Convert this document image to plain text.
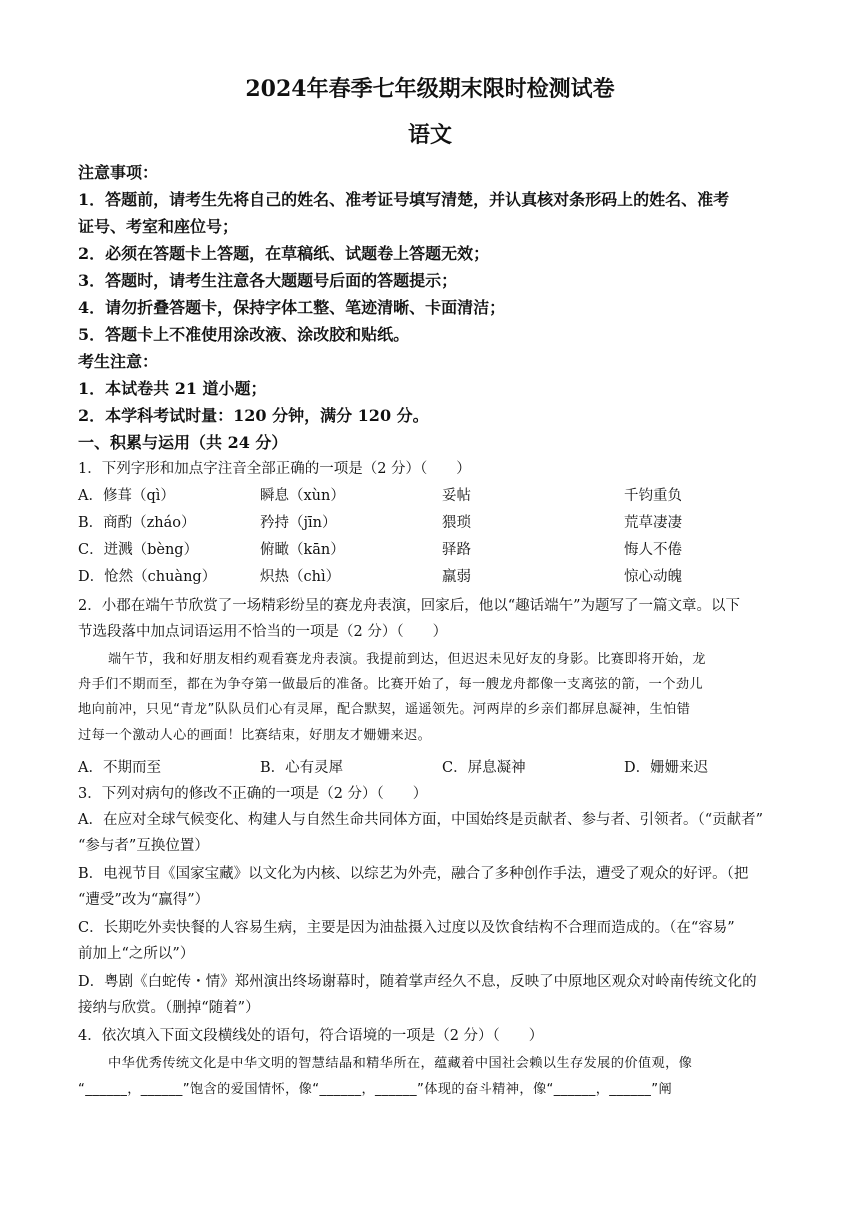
2024年春季七年级期末限时检测试卷
语文
注意事项：
1．答题前，请考生先将自己的姓名、准考证号填写清楚，并认真核对条形码上的姓名、准考
证号、考室和座位号；
2．必须在答题卡上答题，在草稿纸、试题卷上答题无效；
3．答题时，请考生注意各大题题号后面的答题提示；
4．请勿折叠答题卡，保持字体工整、笔迹清晰、卡面清洁；
5．答题卡上不准使用涂改液、涂改胶和贴纸。
考生注意：
1．本试卷共 21 道小题；
2．本学科考试时量：120 分钟，满分 120 分。
一、积累与运用（共 24 分）
1．下列字形和加点字注音全部正确的一项是（2 分）（　　）
A．修葺（qì）	瞬息（xùn）	妥帖	千钧重负
B．商酌（zháo）	矜持（jīn）	猥琐	荒草凄凄
C．迸溅（bèng）	俯瞰（kān）	驿路	悔人不倦
D．怆然（chuàng）	炽热（chì）	羸弱	惊心动魄
2．小郡在端午节欣赏了一场精彩纷呈的赛龙舟表演，回家后，他以“趣话端午”为题写了一篇文章。以下
节选段落中加点词语运用不恰当的一项是（2 分）（　　）
端午节，我和好朋友相约观看赛龙舟表演。我提前到达，但迟迟未见好友的身影。比赛即将开始，龙
舟手们不期而至，都在为争夺第一做最后的准备。比赛开始了，每一艘龙舟都像一支离弦的箭，一个劲儿
地向前冲，只见“青龙”队队员们心有灵犀，配合默契，遥遥领先。河两岸的乡亲们都屏息凝神，生怕错
过每一个激动人心的画面！比赛结束，好朋友才姗姗来迟。
A．不期而至	B．心有灵犀	C．屏息凝神	D．姗姗来迟
3．下列对病句的修改不正确的一项是（2 分）（　　）
A．在应对全球气候变化、构建人与自然生命共同体方面，中国始终是贡献者、参与者、引领者。（“贡献者”
“参与者”互换位置）
B．电视节目《国家宝藏》以文化为内核、以综艺为外壳，融合了多种创作手法，遭受了观众的好评。（把
“遭受”改为“赢得”）
C．长期吃外卖快餐的人容易生病，主要是因为油盐摄入过度以及饮食结构不合理而造成的。（在“容易”
前加上“之所以”）
D．粤剧《白蛇传・情》郑州演出终场谢幕时，随着掌声经久不息，反映了中原地区观众对岭南传统文化的
接纳与欣赏。（删掉“随着”）
4．依次填入下面文段横线处的语句，符合语境的一项是（2 分）（　　）
中华优秀传统文化是中华文明的智慧结晶和精华所在，蕴藏着中国社会赖以生存发展的价值观，像
“______，______”饱含的爱国情怀，像“______，______”体现的奋斗精神，像“______，______”阐
